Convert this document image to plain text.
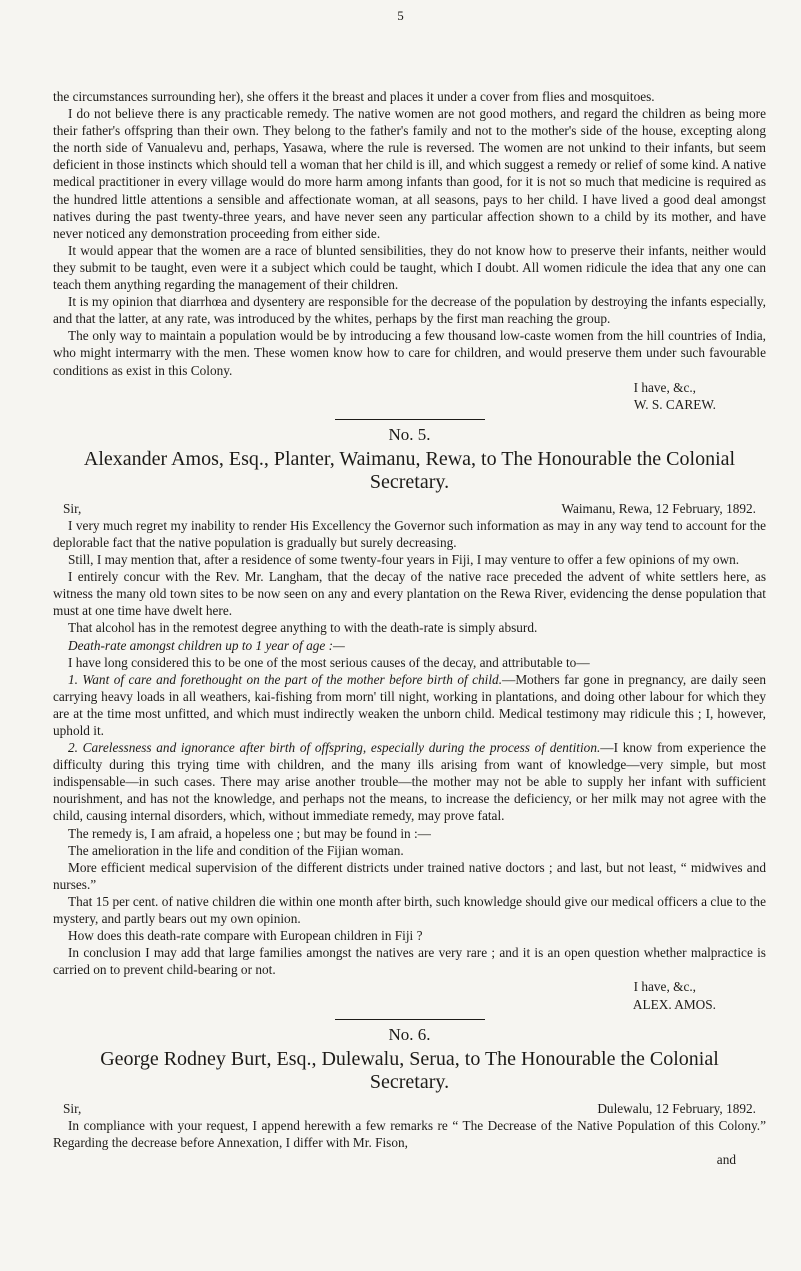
5

the circumstances surrounding her), she offers it the breast and places it under a cover from flies and mosquitoes.

I do not believe there is any practicable remedy. The native women are not good mothers, and regard the children as being more their father's offspring than their own. They belong to the father's family and not to the mother's side of the house, excepting along the north side of Vanualevu and, perhaps, Yasawa, where the rule is reversed. The women are not unkind to their infants, but seem deficient in those instincts which should tell a woman that her child is ill, and which suggest a remedy or relief of some kind. A native medical practitioner in every village would do more harm among infants than good, for it is not so much that medicine is required as the hundred little attentions a sensible and affectionate woman, at all seasons, pays to her child. I have lived a good deal amongst natives during the past twenty-three years, and have never seen any particular affection shown to a child by its mother, and have never noticed any demonstration proceeding from either side.

It would appear that the women are a race of blunted sensibilities, they do not know how to preserve their infants, neither would they submit to be taught, even were it a subject which could be taught, which I doubt. All women ridicule the idea that any one can teach them anything regarding the management of their children.

It is my opinion that diarrhœa and dysentery are responsible for the decrease of the population by destroying the infants especially, and that the latter, at any rate, was introduced by the whites, perhaps by the first man reaching the group.

The only way to maintain a population would be by introducing a few thousand low-caste women from the hill countries of India, who might intermarry with the men. These women know how to care for children, and would preserve them under such favourable conditions as exist in this Colony.

I have, &c.,

W. S. CAREW.

No. 5.
Alexander Amos, Esq., Planter, Waimanu, Rewa, to The Honourable the Colonial Secretary.
Sir,	Waimanu, Rewa, 12 February, 1892.

I very much regret my inability to render His Excellency the Governor such information as may in any way tend to account for the deplorable fact that the native population is gradually but surely decreasing.

Still, I may mention that, after a residence of some twenty-four years in Fiji, I may venture to offer a few opinions of my own.

I entirely concur with the Rev. Mr. Langham, that the decay of the native race preceded the advent of white settlers here, as witness the many old town sites to be now seen on any and every plantation on the Rewa River, evidencing the dense population that must at one time have dwelt here.

That alcohol has in the remotest degree anything to with the death-rate is simply absurd.

Death-rate amongst children up to 1 year of age :—

I have long considered this to be one of the most serious causes of the decay, and attributable to—

1. Want of care and forethought on the part of the mother before birth of child.—Mothers far gone in pregnancy, are daily seen carrying heavy loads in all weathers, kai-fishing from morn' till night, working in plantations, and doing other labour for which they are at the time most unfitted, and which must indirectly weaken the unborn child. Medical testimony may ridicule this ; I, however, uphold it.

2. Carelessness and ignorance after birth of offspring, especially during the process of dentition.—I know from experience the difficulty during this trying time with children, and the many ills arising from want of knowledge—very simple, but most indispensable—in such cases. There may arise another trouble—the mother may not be able to supply her infant with sufficient nourishment, and has not the knowledge, and perhaps not the means, to increase the deficiency, or her milk may not agree with the child, causing internal disorders, which, without immediate remedy, may prove fatal.

The remedy is, I am afraid, a hopeless one ; but may be found in :—

The amelioration in the life and condition of the Fijian woman.

More efficient medical supervision of the different districts under trained native doctors ; and last, but not least, “ midwives and nurses.”

That 15 per cent. of native children die within one month after birth, such knowledge should give our medical officers a clue to the mystery, and partly bears out my own opinion.

How does this death-rate compare with European children in Fiji ?

In conclusion I may add that large families amongst the natives are very rare ; and it is an open question whether malpractice is carried on to prevent child-bearing or not.

I have, &c.,

ALEX. AMOS.

No. 6.
George Rodney Burt, Esq., Dulewalu, Serua, to The Honourable the Colonial Secretary.
Sir,	Dulewalu, 12 February, 1892.

In compliance with your request, I append herewith a few remarks re “ The Decrease of the Native Population of this Colony.” Regarding the decrease before Annexation, I differ with Mr. Fison,

and
